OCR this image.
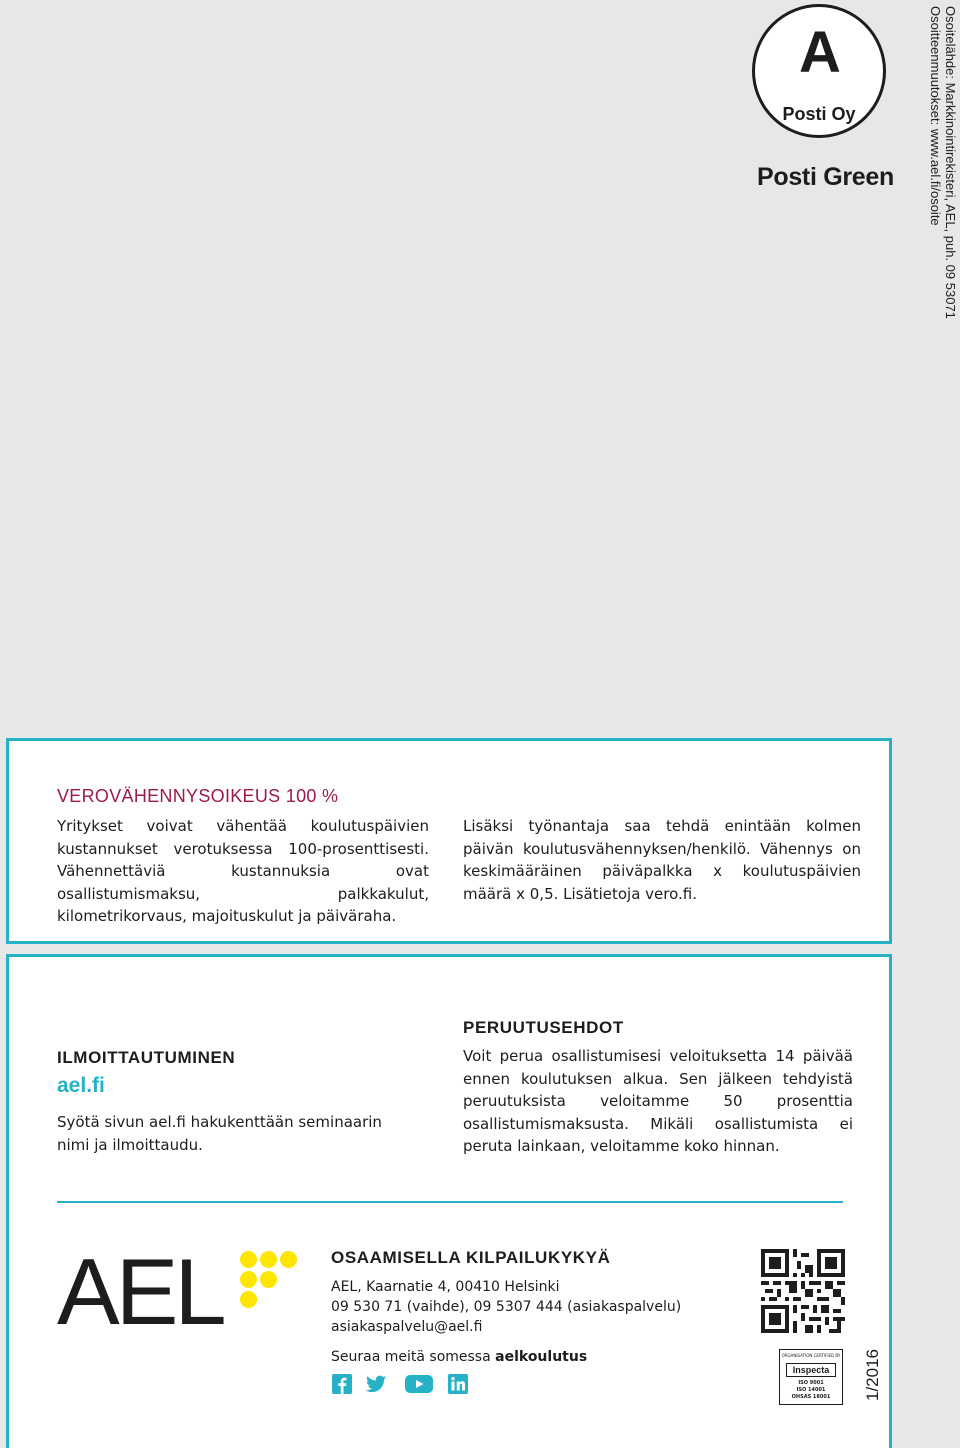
A
Posti Oy
Posti Green	Osoitelähde: Markkinointirekisteri, AEL, puh. 09 53071
Osoitteenmuutokset: www.ael.fi/osoite
VEROVÄHENNYSOIKEUS 100 %

Yritykset voivat vähentää koulutuspäivien kustannukset verotuksessa 100-prosenttisesti. Vähennettäviä kustannuksia ovat osallistumismaksu, palkkakulut, kilometrikorvaus, majoituskulut ja päiväraha.

Lisäksi työnantaja saa tehdä enintään kolmen päivän koulutusvähennyksen/henkilö. Vähennys on keskimääräinen päiväpalkka x koulutuspäivien määrä x 0,5. Lisätietoja vero.fi.

ILMOITTAUTUMINEN
ael.fi

Syötä sivun ael.fi hakukenttään seminaarin nimi ja ilmoittaudu.

PERUUTUSEHDOT

Voit perua osallistumisesi veloituksetta 14 päivää ennen koulutuksen alkua. Sen jälkeen tehdyistä peruutuksista veloitamme 50 prosenttia osallistumismaksusta. Mikäli osallistumista ei peruta lainkaan, veloitamme koko hinnan.

AEL	OSAAMISELLA KILPAILUKYKYÄ
AEL, Kaarnatie 4, 00410 Helsinki
09 530 71 (vaihde), 09 5307 444 (asiakaspalvelu)
asiakaspalvelu@ael.fi
Seuraa meitä somessa aelkoulutus	ORGANISATION CERTIFIED BY
Inspecta
ISO 9001
ISO 14001
OHSAS 18001	1/2016
